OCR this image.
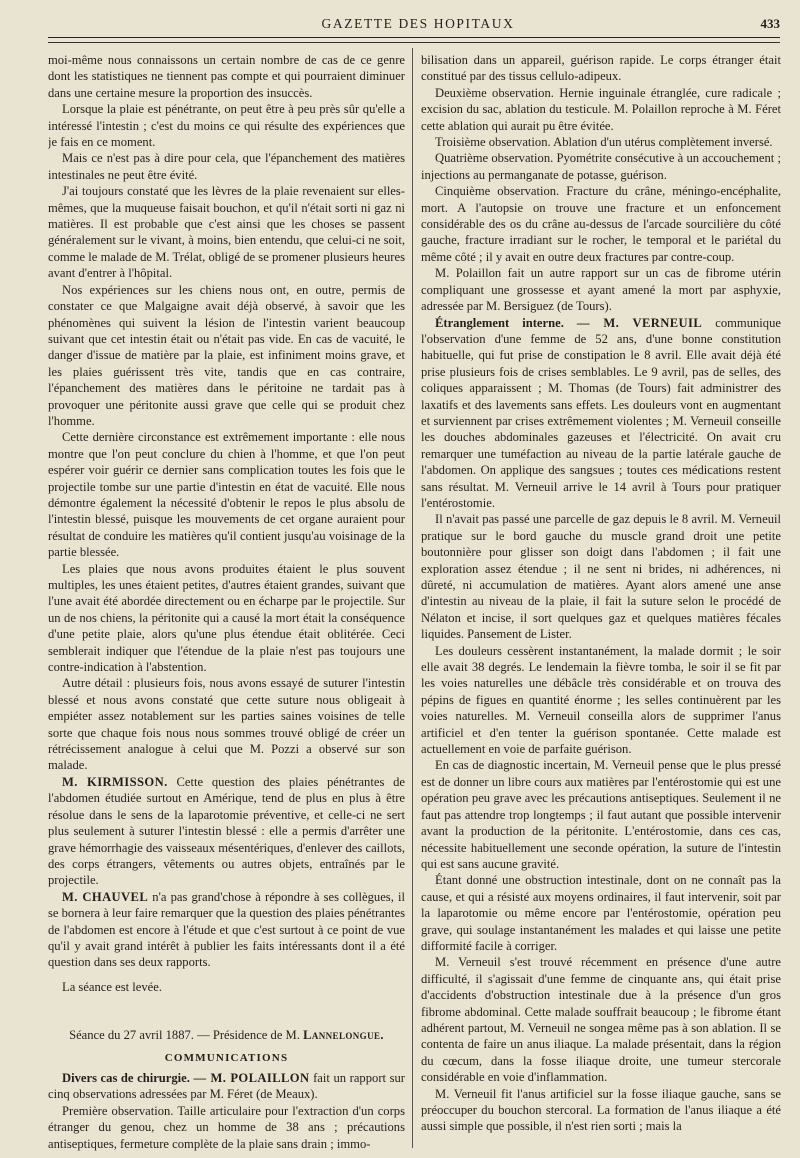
GAZETTE DES HOPITAUX	433

moi-même nous connaissons un certain nombre de cas de ce genre dont les statistiques ne tiennent pas compte et qui pourraient diminuer dans une certaine mesure la proportion des insuccès.

Lorsque la plaie est pénétrante, on peut être à peu près sûr qu'elle a intéressé l'intestin ; c'est du moins ce qui résulte des expériences que je fais en ce moment.

Mais ce n'est pas à dire pour cela, que l'épanchement des matières intestinales ne peut être évité.

J'ai toujours constaté que les lèvres de la plaie revenaient sur elles-mêmes, que la muqueuse faisait bouchon, et qu'il n'était sorti ni gaz ni matières. Il est probable que c'est ainsi que les choses se passent généralement sur le vivant, à moins, bien entendu, que celui-ci ne soit, comme le malade de M. Trélat, obligé de se promener plusieurs heures avant d'entrer à l'hôpital.

Nos expériences sur les chiens nous ont, en outre, permis de constater ce que Malgaigne avait déjà observé, à savoir que les phénomènes qui suivent la lésion de l'intestin varient beaucoup suivant que cet intestin était ou n'était pas vide. En cas de vacuité, le danger d'issue de matière par la plaie, est infiniment moins grave, et les plaies guérissent très vite, tandis que en cas contraire, l'épanchement des matières dans le péritoine ne tardait pas à provoquer une péritonite aussi grave que celle qui se produit chez l'homme.

Cette dernière circonstance est extrêmement importante : elle nous montre que l'on peut conclure du chien à l'homme, et que l'on peut espérer voir guérir ce dernier sans complication toutes les fois que le projectile tombe sur une partie d'intestin en état de vacuité. Elle nous démontre également la nécessité d'obtenir le repos le plus absolu de l'intestin blessé, puisque les mouvements de cet organe auraient pour résultat de conduire les matières qu'il contient jusqu'au voisinage de la partie blessée.

Les plaies que nous avons produites étaient le plus souvent multiples, les unes étaient petites, d'autres étaient grandes, suivant que l'une avait été abordée directement ou en écharpe par le projectile. Sur un de nos chiens, la péritonite qui a causé la mort était la conséquence d'une petite plaie, alors qu'une plus étendue était oblitérée. Ceci semblerait indiquer que l'étendue de la plaie n'est pas toujours une contre-indication à l'abstention.

Autre détail : plusieurs fois, nous avons essayé de suturer l'intestin blessé et nous avons constaté que cette suture nous obligeait à empiéter assez notablement sur les parties saines voisines de telle sorte que chaque fois nous nous sommes trouvé obligé de créer un rétrécissement analogue à celui que M. Pozzi a observé sur son malade.

M. KIRMISSON. Cette question des plaies pénétrantes de l'abdomen étudiée surtout en Amérique, tend de plus en plus à être résolue dans le sens de la laparotomie préventive, et celle-ci ne sert plus seulement à suturer l'intestin blessé : elle a permis d'arrêter une grave hémorrhagie des vaisseaux mésentériques, d'enlever des caillots, des corps étrangers, vêtements ou autres objets, entraînés par le projectile.

M. CHAUVEL n'a pas grand'chose à répondre à ses collègues, il se bornera à leur faire remarquer que la question des plaies pénétrantes de l'abdomen est encore à l'étude et que c'est surtout à ce point de vue qu'il y avait grand intérêt à publier les faits intéressants dont il a été question dans ses deux rapports.

La séance est levée.

Séance du 27 avril 1887. — Présidence de M. Lannelongue.

COMMUNICATIONS

Divers cas de chirurgie. — M. POLAILLON fait un rapport sur cinq observations adressées par M. Féret (de Meaux).

Première observation. Taille articulaire pour l'extraction d'un corps étranger du genou, chez un homme de 38 ans ; précautions antiseptiques, fermeture complète de la plaie sans drain ; immo-

bilisation dans un appareil, guérison rapide. Le corps étranger était constitué par des tissus cellulo-adipeux.

Deuxième observation. Hernie inguinale étranglée, cure radicale ; excision du sac, ablation du testicule. M. Polaillon reproche à M. Féret cette ablation qui aurait pu être évitée.

Troisième observation. Ablation d'un utérus complètement inversé.

Quatrième observation. Pyométrite consécutive à un accouchement ; injections au permanganate de potasse, guérison.

Cinquième observation. Fracture du crâne, méningo-encéphalite, mort. A l'autopsie on trouve une fracture et un enfoncement considérable des os du crâne au-dessus de l'arcade sourcilière du côté gauche, fracture irradiant sur le rocher, le temporal et le pariétal du même côté ; il y avait en outre deux fractures par contre-coup.

M. Polaillon fait un autre rapport sur un cas de fibrome utérin compliquant une grossesse et ayant amené la mort par asphyxie, adressée par M. Bersiguez (de Tours).

Étranglement interne. — M. VERNEUIL communique l'observation d'une femme de 52 ans, d'une bonne constitution habituelle, qui fut prise de constipation le 8 avril. Elle avait déjà été prise plusieurs fois de crises semblables. Le 9 avril, pas de selles, des coliques apparaissent ; M. Thomas (de Tours) fait administrer des laxatifs et des lavements sans effets. Les douleurs vont en augmentant et surviennent par crises extrêmement violentes ; M. Verneuil conseille les douches abdominales gazeuses et l'électricité. On avait cru remarquer une tuméfaction au niveau de la partie latérale gauche de l'abdomen. On applique des sangsues ; toutes ces médications restent sans résultat. M. Verneuil arrive le 14 avril à Tours pour pratiquer l'entérostomie.

Il n'avait pas passé une parcelle de gaz depuis le 8 avril. M. Verneuil pratique sur le bord gauche du muscle grand droit une petite boutonnière pour glisser son doigt dans l'abdomen ; il fait une exploration assez étendue ; il ne sent ni brides, ni adhérences, ni dûreté, ni accumulation de matières. Ayant alors amené une anse d'intestin au niveau de la plaie, il fait la suture selon le procédé de Nélaton et incise, il sort quelques gaz et quelques matières fécales liquides. Pansement de Lister.

Les douleurs cessèrent instantanément, la malade dormit ; le soir elle avait 38 degrés. Le lendemain la fièvre tomba, le soir il se fit par les voies naturelles une débâcle très considérable et on trouva des pépins de figues en quantité énorme ; les selles continuèrent par les voies naturelles. M. Verneuil conseilla alors de supprimer l'anus artificiel et d'en tenter la guérison spontanée. Cette malade est actuellement en voie de parfaite guérison.

En cas de diagnostic incertain, M. Verneuil pense que le plus pressé est de donner un libre cours aux matières par l'entérostomie qui est une opération peu grave avec les précautions antiseptiques. Seulement il ne faut pas attendre trop longtemps ; il faut autant que possible intervenir avant la production de la péritonite. L'entérostomie, dans ces cas, nécessite habituellement une seconde opération, la suture de l'intestin qui est sans aucune gravité.

Étant donné une obstruction intestinale, dont on ne connaît pas la cause, et qui a résisté aux moyens ordinaires, il faut intervenir, soit par la laparotomie ou même encore par l'entérostomie, opération peu grave, qui soulage instantanément les malades et qui laisse une petite difformité facile à corriger.

M. Verneuil s'est trouvé récemment en présence d'une autre difficulté, il s'agissait d'une femme de cinquante ans, qui était prise d'accidents d'obstruction intestinale due à la présence d'un gros fibrome abdominal. Cette malade souffrait beaucoup ; le fibrome étant adhérent partout, M. Verneuil ne songea même pas à son ablation. Il se contenta de faire un anus iliaque. La malade présentait, dans la région du cœcum, dans la fosse iliaque droite, une tumeur stercorale considérable en voie d'inflammation.

M. Verneuil fit l'anus artificiel sur la fosse iliaque gauche, sans se préoccuper du bouchon stercoral. La formation de l'anus iliaque a été aussi simple que possible, il n'est rien sorti ; mais la
